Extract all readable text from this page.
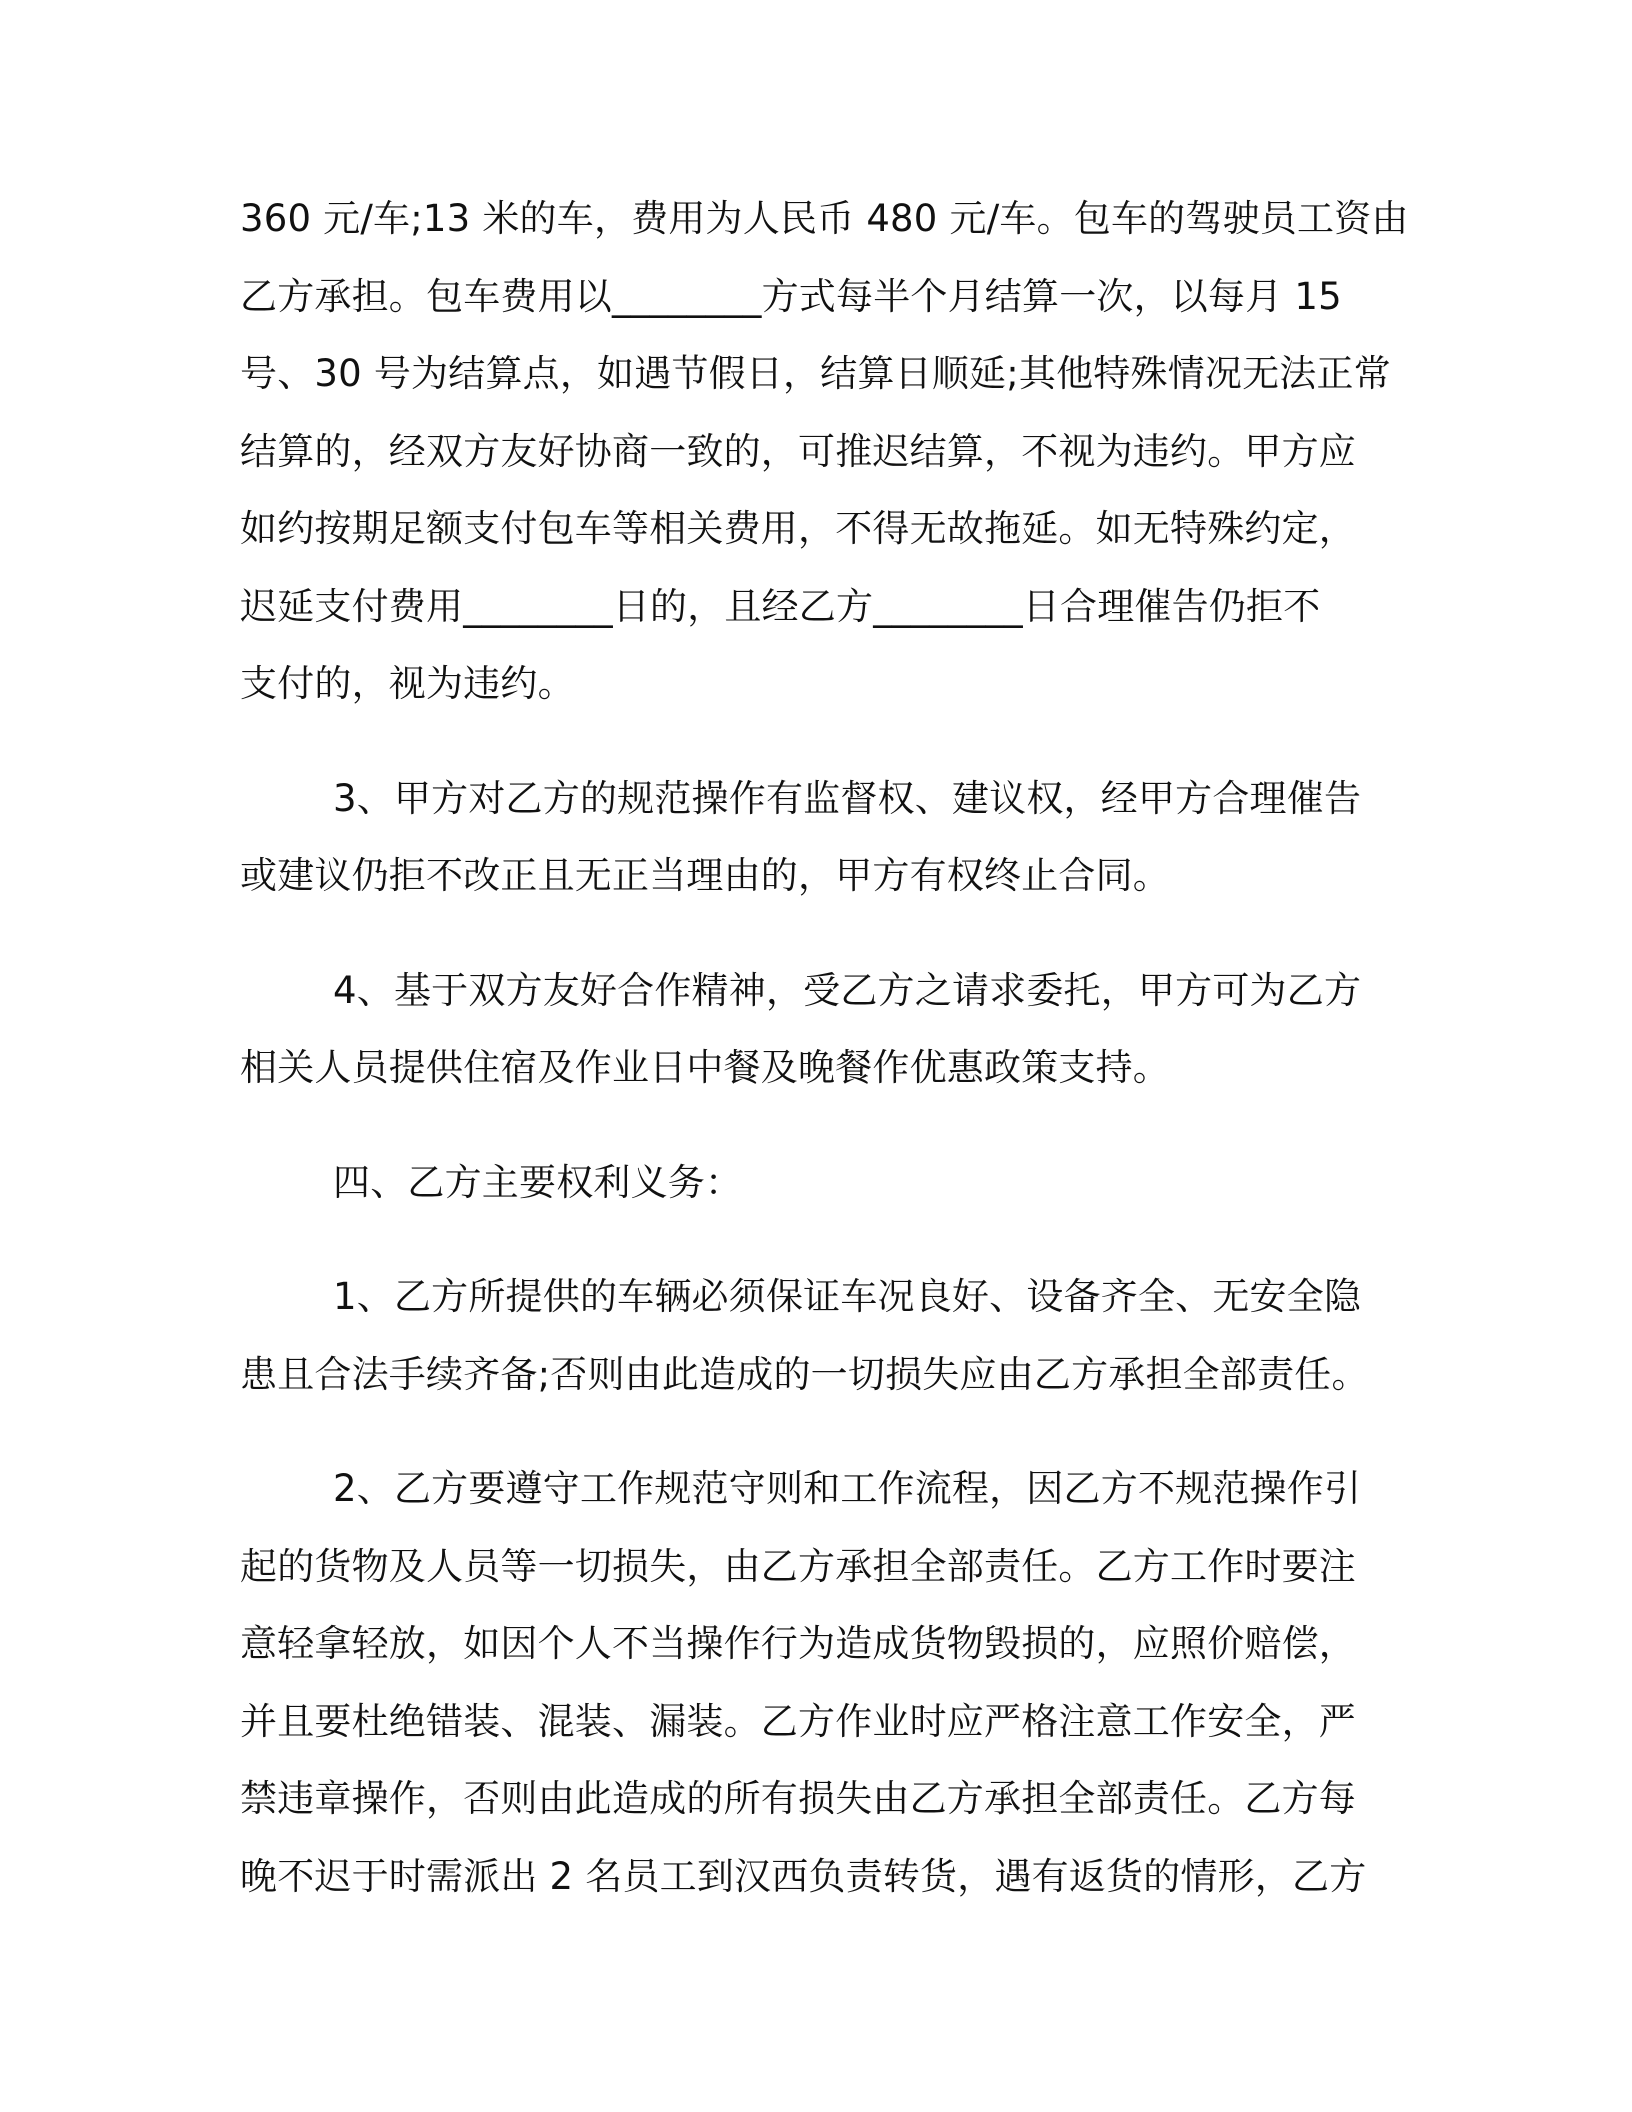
360 元/车;13 米的车，费用为人民币 480 元/车。包车的驾驶员工资由
乙方承担。包车费用以________方式每半个月结算一次，以每月 15
号、30 号为结算点，如遇节假日，结算日顺延;其他特殊情况无法正常
结算的，经双方友好协商一致的，可推迟结算，不视为违约。甲方应
如约按期足额支付包车等相关费用，不得无故拖延。如无特殊约定，
迟延支付费用________日的，且经乙方________日合理催告仍拒不
支付的，视为违约。
3、甲方对乙方的规范操作有监督权、建议权，经甲方合理催告
或建议仍拒不改正且无正当理由的，甲方有权终止合同。
4、基于双方友好合作精神，受乙方之请求委托，甲方可为乙方
相关人员提供住宿及作业日中餐及晚餐作优惠政策支持。
四、乙方主要权利义务：
1、乙方所提供的车辆必须保证车况良好、设备齐全、无安全隐
患且合法手续齐备;否则由此造成的一切损失应由乙方承担全部责任。
2、乙方要遵守工作规范守则和工作流程，因乙方不规范操作引
起的货物及人员等一切损失，由乙方承担全部责任。乙方工作时要注
意轻拿轻放，如因个人不当操作行为造成货物毁损的，应照价赔偿，
并且要杜绝错装、混装、漏装。乙方作业时应严格注意工作安全，严
禁违章操作，否则由此造成的所有损失由乙方承担全部责任。乙方每
晚不迟于时需派出 2 名员工到汉西负责转货，遇有返货的情形，乙方
